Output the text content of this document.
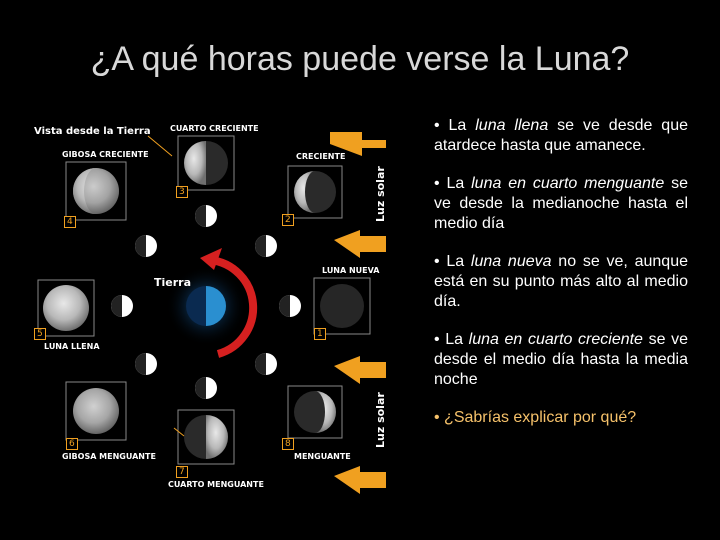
¿A qué horas puede verse la Luna?
Vista desde la Tierra CUARTO CRECIENTE
GIBOSA CRECIENTE	CRECIENTE
LUNA NUEVA
LUNA LLENA
GIBOSA MENGUANTE	MENGUANTE
CUARTO MENGUANTE
Tierra
Luz solar
Luz solar
1
2
3
4
5
6
7
8

• La luna llena se ve desde que atardece hasta que amanece.

• La luna en cuarto menguante se ve desde la medianoche hasta el medio día

• La luna nueva no se ve, aunque está en su punto más alto al medio día.

• La luna en cuarto creciente se ve desde el medio día hasta la media noche

• ¿Sabrías explicar por qué?
